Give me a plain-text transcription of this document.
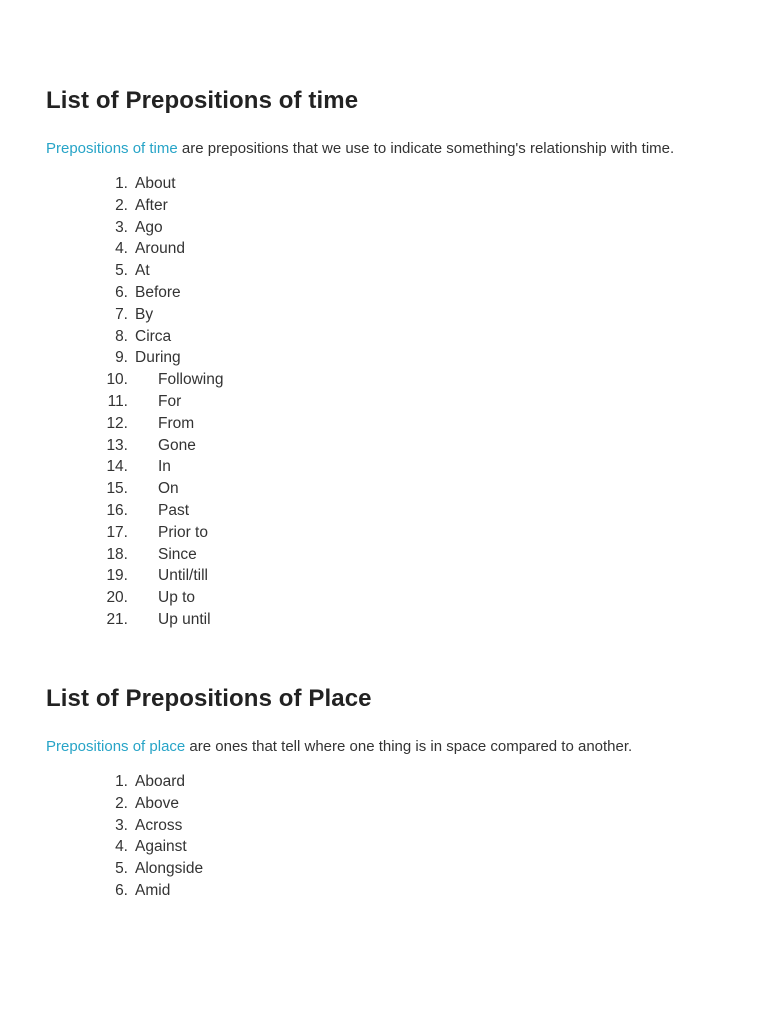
List of Prepositions of time

Prepositions of time are prepositions that we use to indicate something's relationship with time.

1. About
2. After
3. Ago
4. Around
5. At
6. Before
7. By
8. Circa
9. During
10. Following
11. For
12. From
13. Gone
14. In
15. On
16. Past
17. Prior to
18. Since
19. Until/till
20. Up to
21. Up until
List of Prepositions of Place

Prepositions of place are ones that tell where one thing is in space compared to another.

1. Aboard
2. Above
3. Across
4. Against
5. Alongside
6. Amid
